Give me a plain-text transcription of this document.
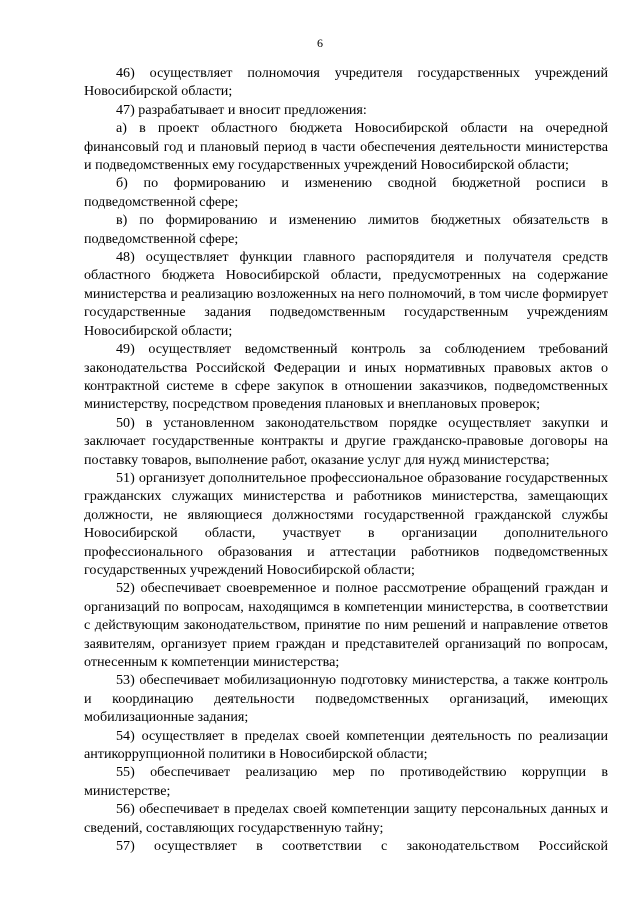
6

46) осуществляет полномочия учредителя государственных учреждений Новосибирской области;

47) разрабатывает и вносит предложения:

а) в проект областного бюджета Новосибирской области на очередной финансовый год и плановый период в части обеспечения деятельности министерства и подведомственных ему государственных учреждений Новосибирской области;

б) по формированию и изменению сводной бюджетной росписи в подведомственной сфере;

в) по формированию и изменению лимитов бюджетных обязательств в подведомственной сфере;

48) осуществляет функции главного распорядителя и получателя средств областного бюджета Новосибирской области, предусмотренных на содержание министерства и реализацию возложенных на него полномочий, в том числе формирует государственные задания подведомственным государственным учреждениям Новосибирской области;

49) осуществляет ведомственный контроль за соблюдением требований законодательства Российской Федерации и иных нормативных правовых актов о контрактной системе в сфере закупок в отношении заказчиков, подведомственных министерству, посредством проведения плановых и внеплановых проверок;

50) в установленном законодательством порядке осуществляет закупки и заключает государственные контракты и другие гражданско-правовые договоры на поставку товаров, выполнение работ, оказание услуг для нужд министерства;

51) организует дополнительное профессиональное образование государственных гражданских служащих министерства и работников министерства, замещающих должности, не являющиеся должностями государственной гражданской службы Новосибирской области, участвует в организации дополнительного профессионального образования и аттестации работников подведомственных государственных учреждений Новосибирской области;

52) обеспечивает своевременное и полное рассмотрение обращений граждан и организаций по вопросам, находящимся в компетенции министерства, в соответствии с действующим законодательством, принятие по ним решений и направление ответов заявителям, организует прием граждан и представителей организаций по вопросам, отнесенным к компетенции министерства;

53) обеспечивает мобилизационную подготовку министерства, а также контроль и координацию деятельности подведомственных организаций, имеющих мобилизационные задания;

54) осуществляет в пределах своей компетенции деятельность по реализации антикоррупционной политики в Новосибирской области;

55) обеспечивает реализацию мер по противодействию коррупции в министерстве;

56) обеспечивает в пределах своей компетенции защиту персональных данных и сведений, составляющих государственную тайну;

57) осуществляет в соответствии с законодательством Российской
